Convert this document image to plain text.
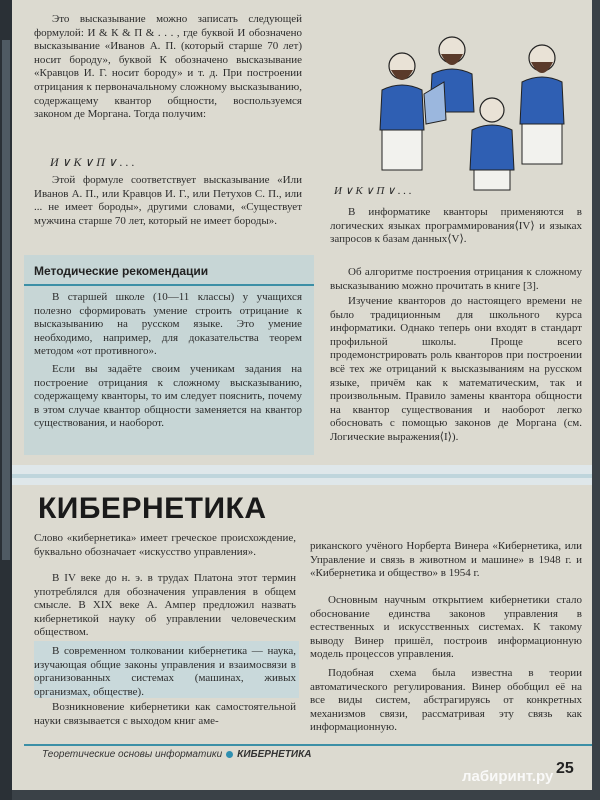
Это высказывание можно записать следующей формулой: И & К & П & . . . , где буквой И обозначено высказывание «Иванов А. П. (который старше 70 лет) носит бороду», буквой К обозначено высказывание «Кравцов И. Г. носит бороду» и т. д. При построении отрицания к первоначальному сложному высказыванию, содержащему квантор общности, воспользуемся законом де Моргана. Тогда получим:

И ∨ К ∨ П ∨ . . .

Этой формуле соответствует высказывание «Или Иванов А. П., или Кравцов И. Г., или Петухов С. П., или ... не имеет бороды», другими словами, «Существует мужчина старше 70 лет, который не имеет бороды».

И ∨ К ∨ П ∨ . . .

В информатике кванторы применяются в логических языках программирования⟨IV⟩ и языках запросов к базам данных⟨V⟩.

Методические рекомендации

В старшей школе (10—11 классы) у учащихся полезно сформировать умение строить отрицание к высказыванию на русском языке. Это умение необходимо, например, для доказательства теорем методом «от противного».

Если вы задаёте своим ученикам задания на построение отрицания к сложному высказыванию, содержащему кванторы, то им следует пояснить, почему в этом случае квантор общности заменяется на квантор существования, и наоборот.

Об алгоритме построения отрицания к сложному высказыванию можно прочитать в книге [3].

Изучение кванторов до настоящего времени не было традиционным для школьного курса информатики. Однако теперь они входят в стандарт профильной школы. Проще всего продемонстрировать роль кванторов при построении всё тех же отрицаний к высказываниям на русском языке, причём как к математическим, так и произвольным. Правило замены квантора общности на квантор существования и наоборот легко обосновать с помощью законов де Моргана (см. Логические выражения⟨I⟩).

КИБЕРНЕТИКА

Слово «кибернетика» имеет греческое происхождение, буквально обозначает «искусство управления».

В IV веке до н. э. в трудах Платона этот термин употреблялся для обозначения управления в общем смысле. В XIX веке А. Ампер предложил назвать кибернетикой науку об управлении человеческим обществом.

В современном толковании кибернетика — наука, изучающая общие законы управления и взаимосвязи в организованных системах (машинах, живых организмах, обществе).

Возникновение кибернетики как самостоятельной науки связывается с выходом книг аме-

риканского учёного Норберта Винера «Кибернетика, или Управление и связь в животном и машине» в 1948 г. и «Кибернетика и общество» в 1954 г.

Основным научным открытием кибернетики стало обоснование единства законов управления в естественных и искусственных системах. К такому выводу Винер пришёл, построив информационную модель процессов управления.

Подобная схема была известна в теории автоматического регулирования. Винер обобщил её на все виды систем, абстрагируясь от конкретных механизмов связи, рассматривая эту связь как информационную.

Теоретические основы информатики КИБЕРНЕТИКА
25
лабиринт.ру
